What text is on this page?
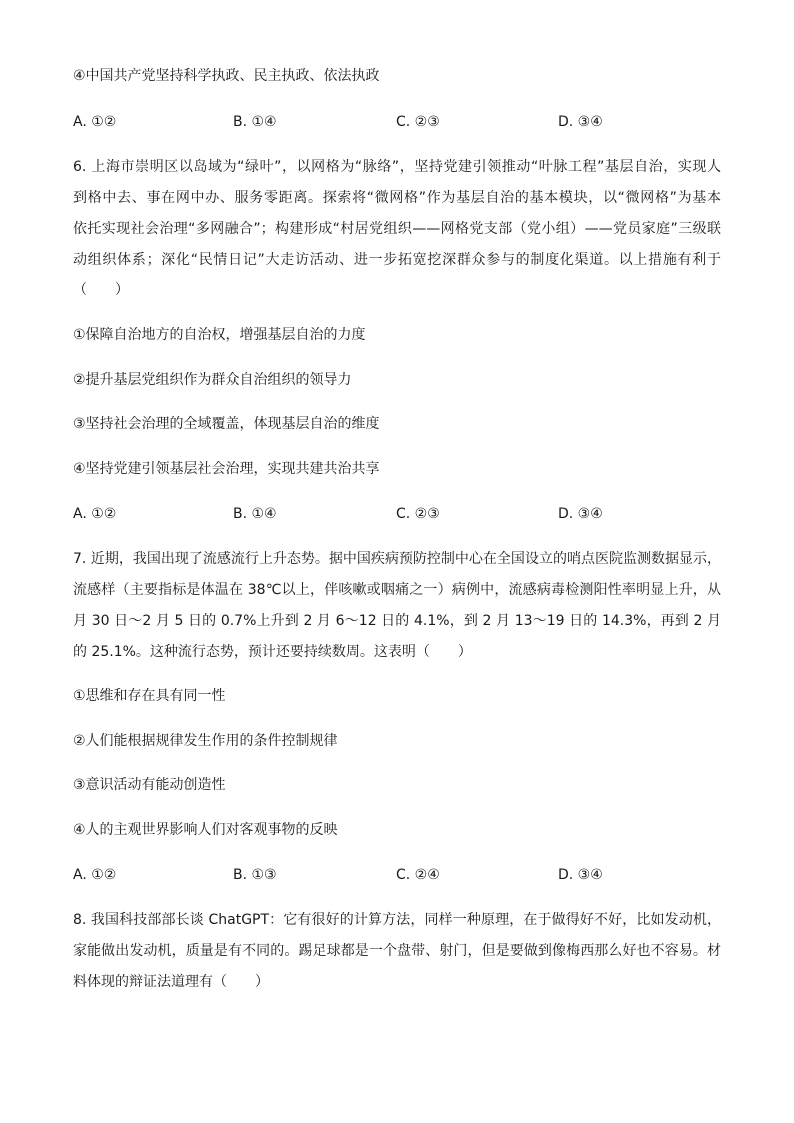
④中国共产党坚持科学执政、民主执政、依法执政
A. ①②	B. ①④	C. ②③	D. ③④
6. 上海市崇明区以岛域为“绿叶”，以网格为“脉络”，坚持党建引领推动“叶脉工程”基层自治，实现人
到格中去、事在网中办、服务零距离。探索将“微网格”作为基层自治的基本模块，以“微网格”为基本
依托实现社会治理“多网融合”；构建形成“村居党组织——网格党支部（党小组）——党员家庭”三级联
动组织体系；深化“民情日记”大走访活动、进一步拓宽挖深群众参与的制度化渠道。以上措施有利于
（　　）
①保障自治地方的自治权，增强基层自治的力度
②提升基层党组织作为群众自治组织的领导力
③坚持社会治理的全域覆盖，体现基层自治的维度
④坚持党建引领基层社会治理，实现共建共治共享
A. ①②	B. ①④	C. ②③	D. ③④
7. 近期，我国出现了流感流行上升态势。据中国疾病预防控制中心在全国设立的哨点医院监测数据显示，
流感样（主要指标是体温在 38℃以上，伴咳嗽或咽痛之一）病例中，流感病毒检测阳性率明显上升，从
月 30 日～2 月 5 日的 0.7%上升到 2 月 6～12 日的 4.1%，到 2 月 13～19 日的 14.3%，再到 2 月
的 25.1%。这种流行态势，预计还要持续数周。这表明（　　）
①思维和存在具有同一性
②人们能根据规律发生作用的条件控制规律
③意识活动有能动创造性
④人的主观世界影响人们对客观事物的反映
A. ①②	B. ①③	C. ②④	D. ③④
8. 我国科技部部长谈 ChatGPT：它有很好的计算方法，同样一种原理，在于做得好不好，比如发动机，
家能做出发动机，质量是有不同的。踢足球都是一个盘带、射门，但是要做到像梅西那么好也不容易。材
料体现的辩证法道理有（　　）
